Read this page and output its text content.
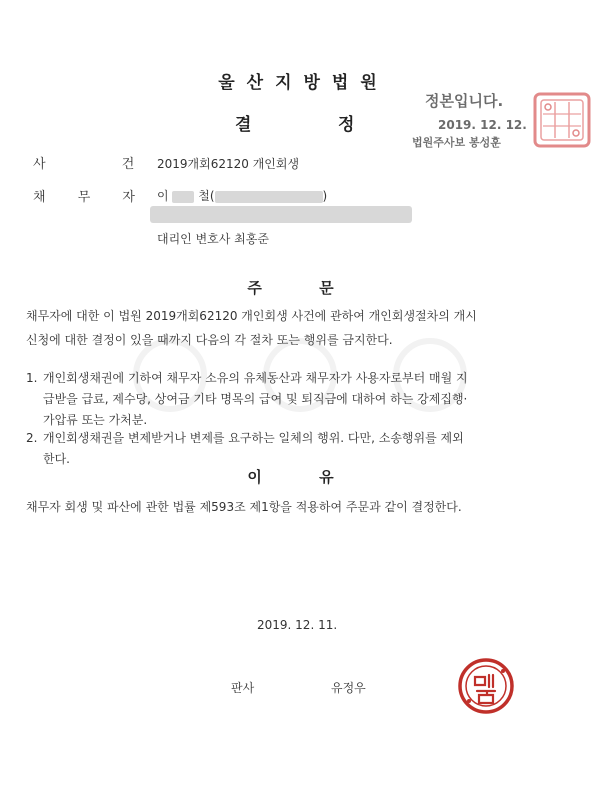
울산지방법원
결	정
정본입니다.
2019. 12. 12.
법원주사보 봉성훈
사 건
2019개회62120 개인회생
채 무 자 이 철(	)
대리인 변호사 최홍준
주 문
채무자에 대한 이 법원 2019개회62120 개인회생 사건에 관하여 개인회생절차의 개시
신청에 대한 결정이 있을 때까지 다음의 각 절차 또는 행위를 금지한다.
1. 개인회생채권에 기하여 채무자 소유의 유체동산과 채무자가 사용자로부터 매월 지
급받을 급료, 제수당, 상여금 기타 명목의 급여 및 퇴직금에 대하여 하는 강제집행·
가압류 또는 가처분.
2. 개인회생채권을 변제받거나 변제를 요구하는 일체의 행위. 다만, 소송행위를 제외
한다.
이 유
채무자 회생 및 파산에 관한 법률 제593조 제1항을 적용하여 주문과 같이 결정한다.
2019. 12. 11.
판사	유정우
